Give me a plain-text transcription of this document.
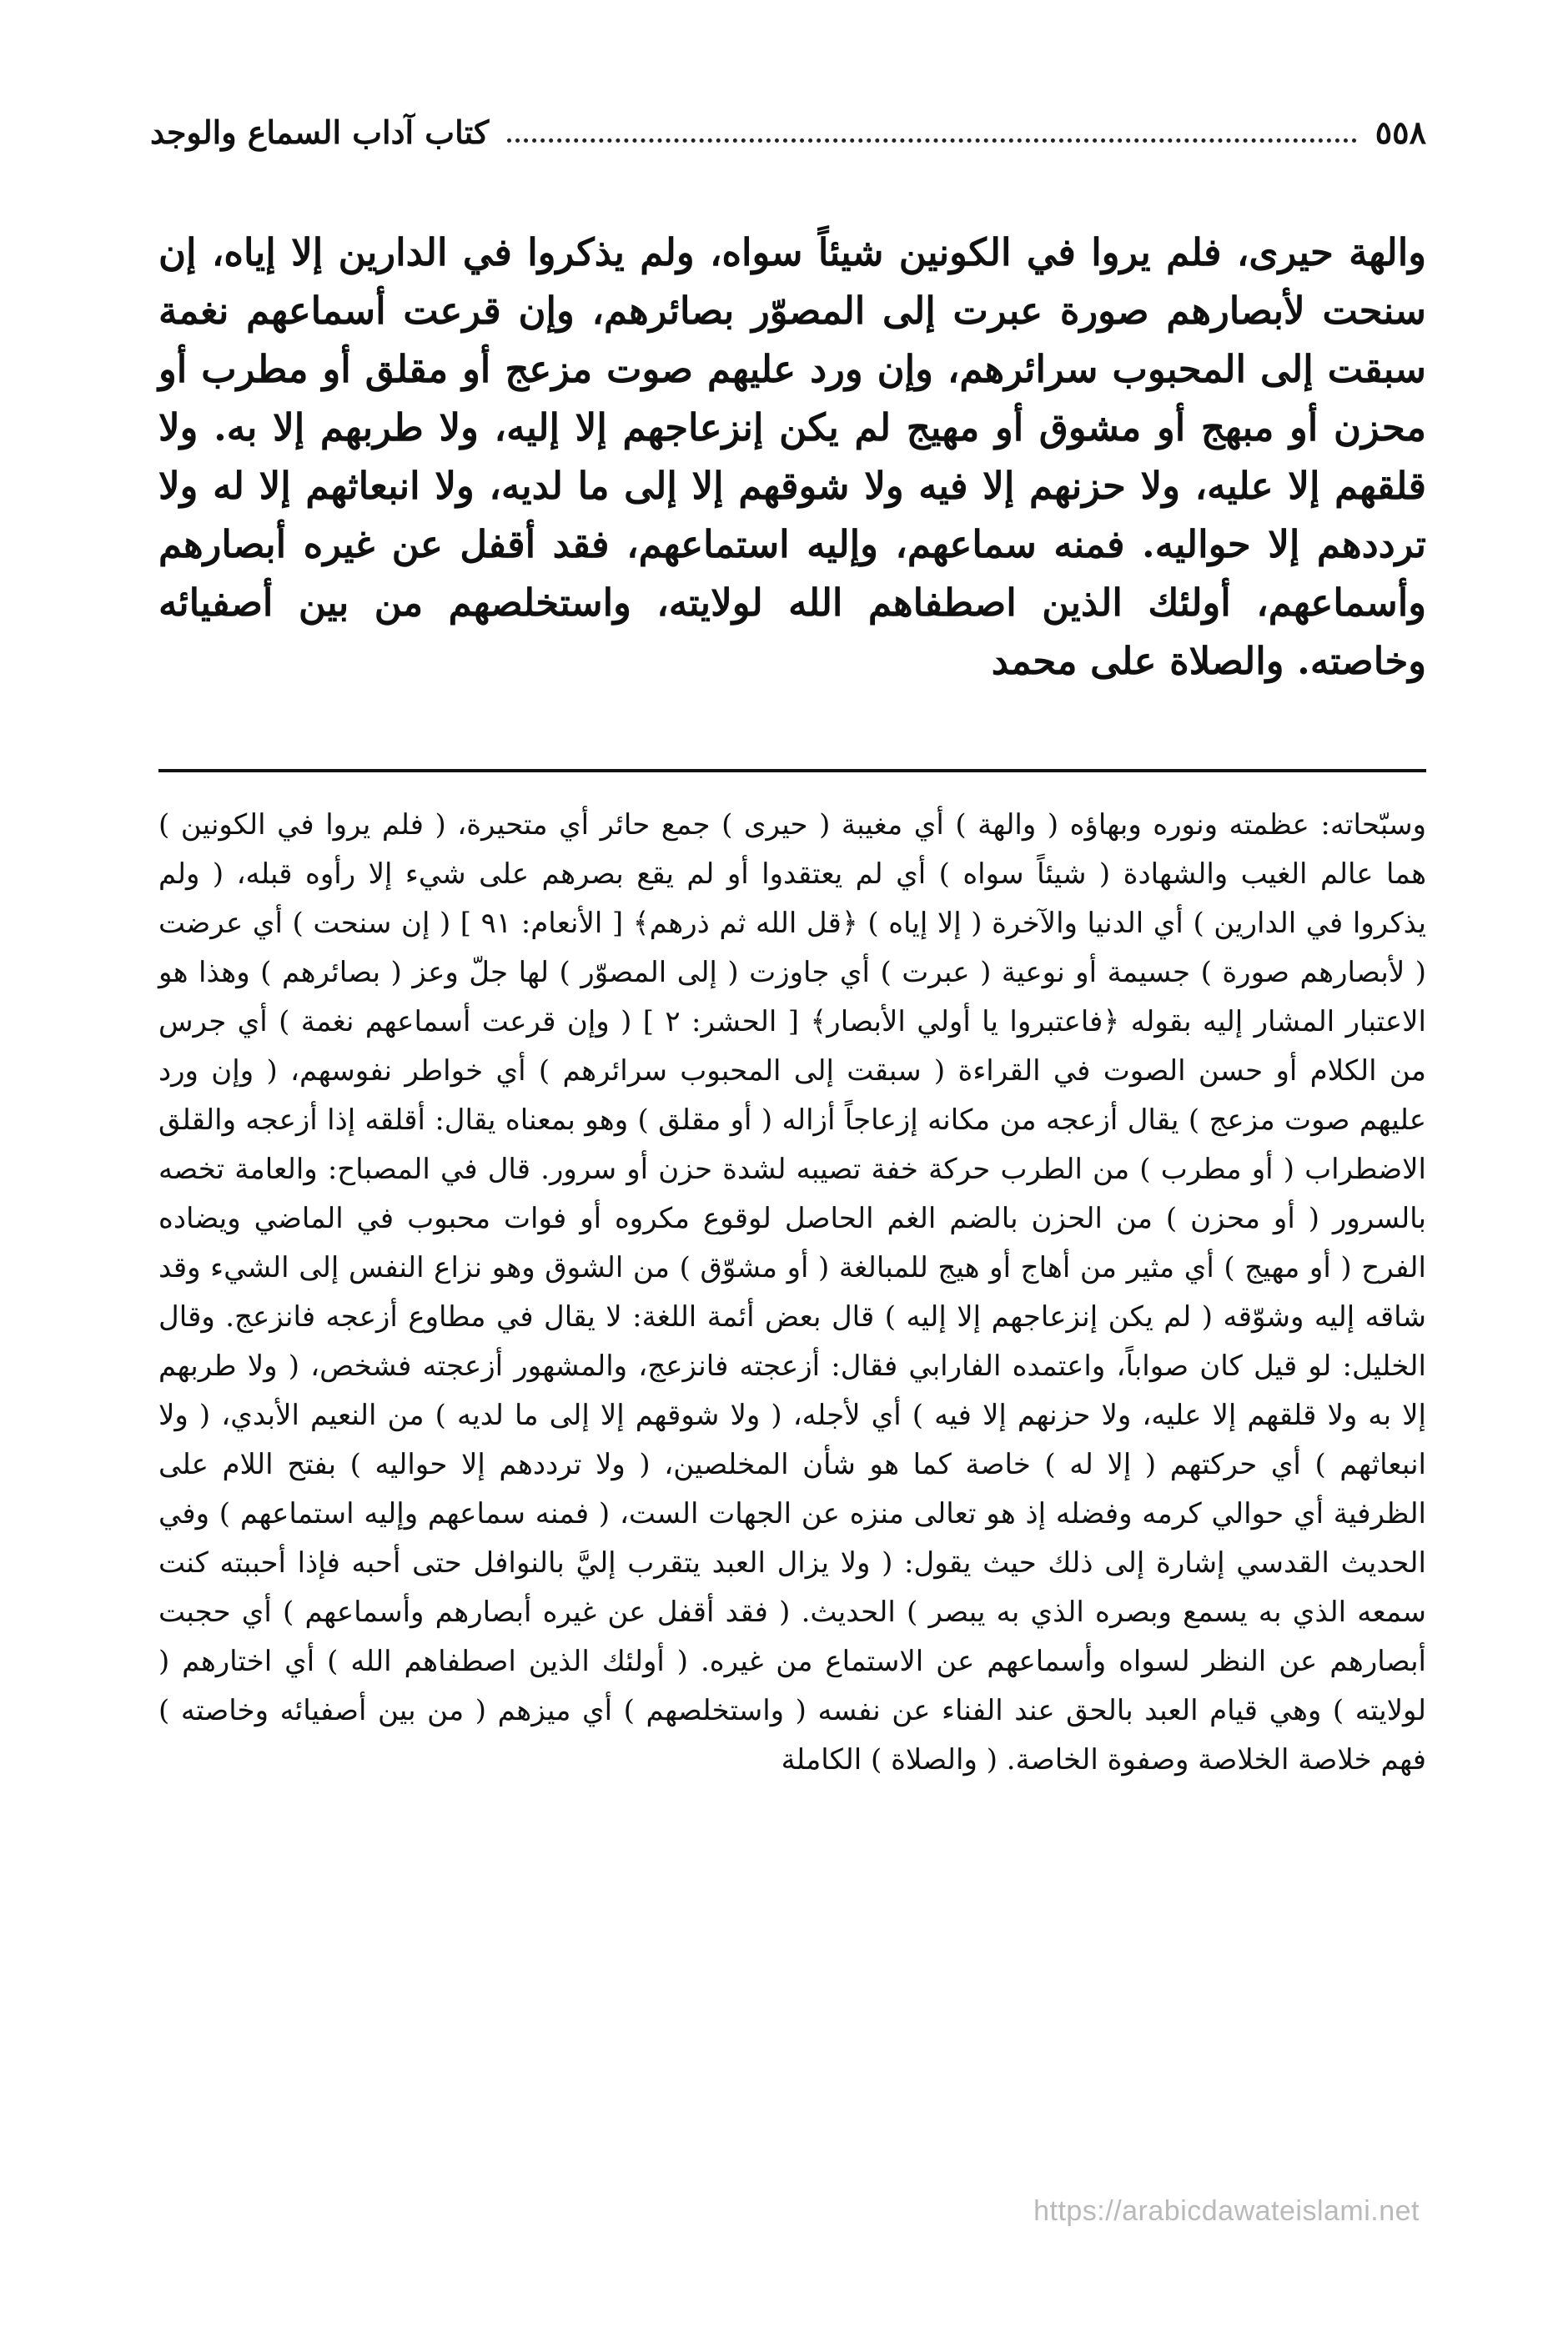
٥٥٨
كتاب آداب السماع والوجد

والهة حيرى، فلم يروا في الكونين شيئاً سواه، ولم يذكروا في الدارين إلا إياه، إن سنحت لأبصارهم صورة عبرت إلى المصوّر بصائرهم، وإن قرعت أسماعهم نغمة سبقت إلى المحبوب سرائرهم، وإن ورد عليهم صوت مزعج أو مقلق أو مطرب أو محزن أو مبهج أو مشوق أو مهيج لم يكن إنزعاجهم إلا إليه، ولا طربهم إلا به. ولا قلقهم إلا عليه، ولا حزنهم إلا فيه ولا شوقهم إلا إلى ما لديه، ولا انبعاثهم إلا له ولا ترددهم إلا حواليه. فمنه سماعهم، وإليه استماعهم، فقد أقفل عن غيره أبصارهم وأسماعهم، أولئك الذين اصطفاهم الله لولايته، واستخلصهم من بين أصفيائه وخاصته. والصلاة على محمد

وسبّحاته: عظمته ونوره وبهاؤه ( والهة ) أي مغيبة ( حيرى ) جمع حائر أي متحيرة، ( فلم يروا في الكونين ) هما عالم الغيب والشهادة ( شيئاً سواه ) أي لم يعتقدوا أو لم يقع بصرهم على شيء إلا رأوه قبله، ( ولم يذكروا في الدارين ) أي الدنيا والآخرة ( إلا إياه ) ﴿قل الله ثم ذرهم﴾ [ الأنعام: ٩١ ] ( إن سنحت ) أي عرضت ( لأبصارهم صورة ) جسيمة أو نوعية ( عبرت ) أي جاوزت ( إلى المصوّر ) لها جلّ وعز ( بصائرهم ) وهذا هو الاعتبار المشار إليه بقوله ﴿فاعتبروا يا أولي الأبصار﴾ [ الحشر: ٢ ] ( وإن قرعت أسماعهم نغمة ) أي جرس من الكلام أو حسن الصوت في القراءة ( سبقت إلى المحبوب سرائرهم ) أي خواطر نفوسهم، ( وإن ورد عليهم صوت مزعج ) يقال أزعجه من مكانه إزعاجاً أزاله ( أو مقلق ) وهو بمعناه يقال: أقلقه إذا أزعجه والقلق الاضطراب ( أو مطرب ) من الطرب حركة خفة تصيبه لشدة حزن أو سرور. قال في المصباح: والعامة تخصه بالسرور ( أو محزن ) من الحزن بالضم الغم الحاصل لوقوع مكروه أو فوات محبوب في الماضي ويضاده الفرح ( أو مهيج ) أي مثير من أهاج أو هيج للمبالغة ( أو مشوّق ) من الشوق وهو نزاع النفس إلى الشيء وقد شاقه إليه وشوّقه ( لم يكن إنزعاجهم إلا إليه ) قال بعض أئمة اللغة: لا يقال في مطاوع أزعجه فانزعج. وقال الخليل: لو قيل كان صواباً، واعتمده الفارابي فقال: أزعجته فانزعج، والمشهور أزعجته فشخص، ( ولا طربهم إلا به ولا قلقهم إلا عليه، ولا حزنهم إلا فيه ) أي لأجله، ( ولا شوقهم إلا إلى ما لديه ) من النعيم الأبدي، ( ولا انبعاثهم ) أي حركتهم ( إلا له ) خاصة كما هو شأن المخلصين، ( ولا ترددهم إلا حواليه ) بفتح اللام على الظرفية أي حوالي كرمه وفضله إذ هو تعالى منزه عن الجهات الست، ( فمنه سماعهم وإليه استماعهم ) وفي الحديث القدسي إشارة إلى ذلك حيث يقول: ( ولا يزال العبد يتقرب إليَّ بالنوافل حتى أحبه فإذا أحببته كنت سمعه الذي به يسمع وبصره الذي به يبصر ) الحديث. ( فقد أقفل عن غيره أبصارهم وأسماعهم ) أي حجبت أبصارهم عن النظر لسواه وأسماعهم عن الاستماع من غيره. ( أولئك الذين اصطفاهم الله ) أي اختارهم ( لولايته ) وهي قيام العبد بالحق عند الفناء عن نفسه ( واستخلصهم ) أي ميزهم ( من بين أصفيائه وخاصته ) فهم خلاصة الخلاصة وصفوة الخاصة. ( والصلاة ) الكاملة

https://arabicdawateislami.net
